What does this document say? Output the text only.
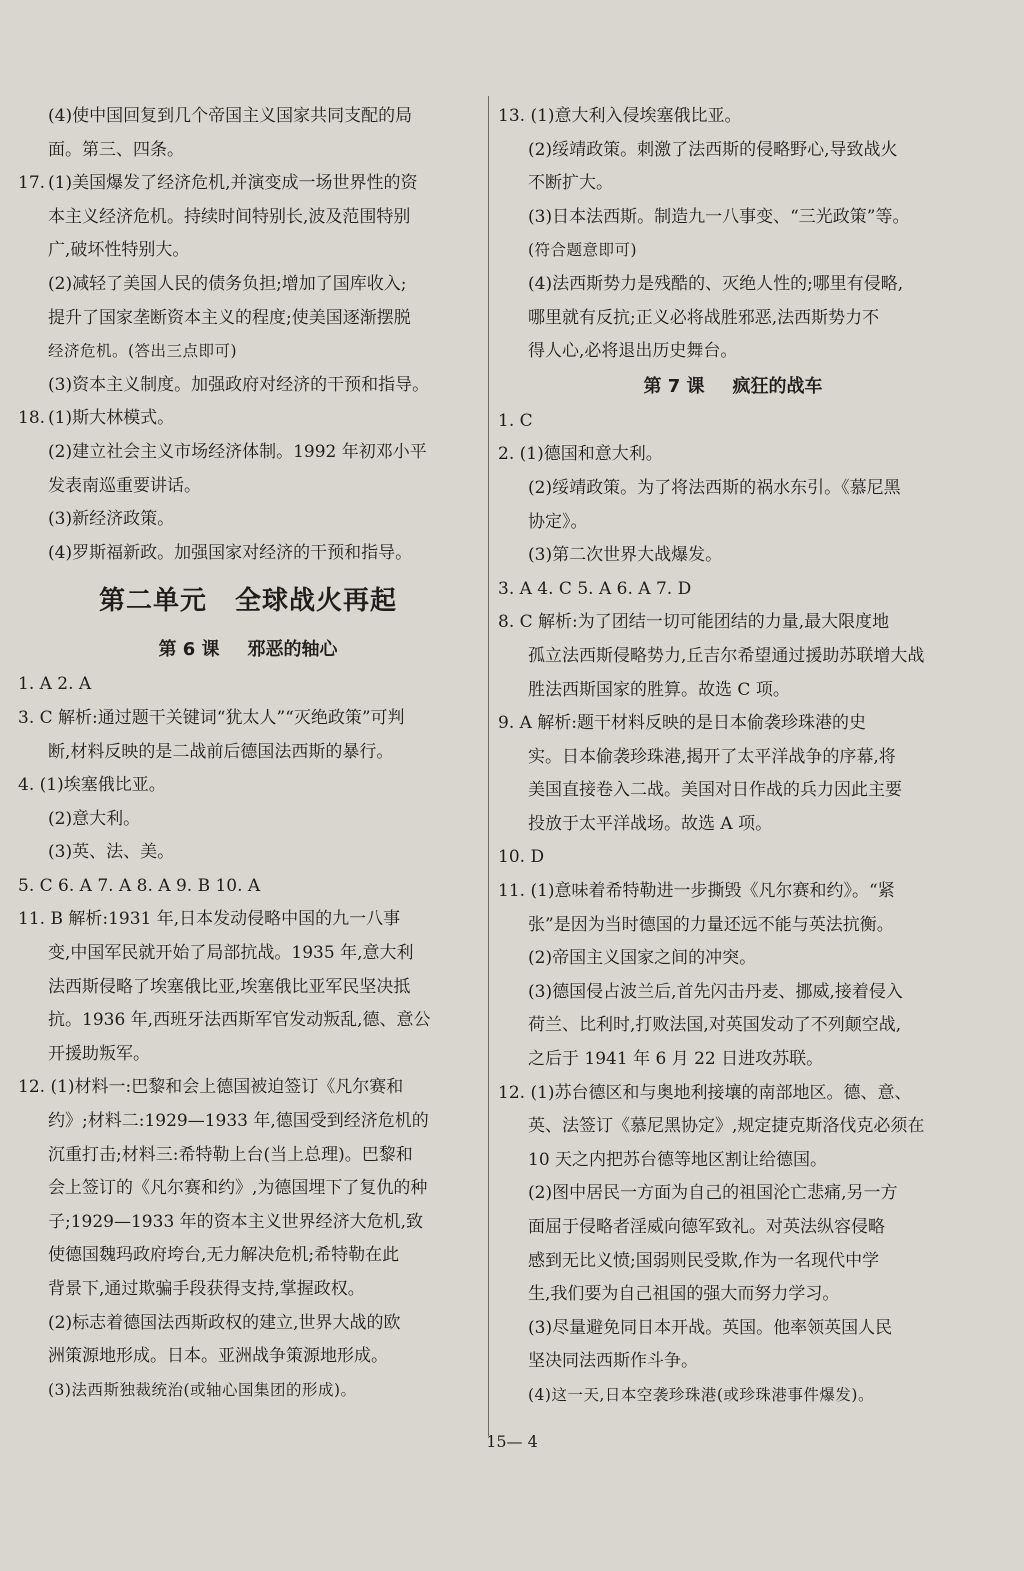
(4)使中国回复到几个帝国主义国家共同支配的局
面。第三、四条。
17. (1)美国爆发了经济危机,并演变成一场世界性的资
本主义经济危机。持续时间特别长,波及范围特别
广,破坏性特别大。
(2)减轻了美国人民的债务负担;增加了国库收入;
提升了国家垄断资本主义的程度;使美国逐渐摆脱
经济危机。(答出三点即可)
(3)资本主义制度。加强政府对经济的干预和指导。
18. (1)斯大林模式。
(2)建立社会主义市场经济体制。1992 年初邓小平
发表南巡重要讲话。
(3)新经济政策。
(4)罗斯福新政。加强国家对经济的干预和指导。
第二单元 全球战火再起
第 6 课 邪恶的轴心
1. A 2. A
3. C 解析:通过题干关键词“犹太人”“灭绝政策”可判
断,材料反映的是二战前后德国法西斯的暴行。
4. (1)埃塞俄比亚。
(2)意大利。
(3)英、法、美。
5. C 6. A 7. A 8. A 9. B 10. A
11. B 解析:1931 年,日本发动侵略中国的九一八事
变,中国军民就开始了局部抗战。1935 年,意大利
法西斯侵略了埃塞俄比亚,埃塞俄比亚军民坚决抵
抗。1936 年,西班牙法西斯军官发动叛乱,德、意公
开援助叛军。
12. (1)材料一:巴黎和会上德国被迫签订《凡尔赛和
约》;材料二:1929—1933 年,德国受到经济危机的
沉重打击;材料三:希特勒上台(当上总理)。巴黎和
会上签订的《凡尔赛和约》,为德国埋下了复仇的种
子;1929—1933 年的资本主义世界经济大危机,致
使德国魏玛政府垮台,无力解决危机;希特勒在此
背景下,通过欺骗手段获得支持,掌握政权。
(2)标志着德国法西斯政权的建立,世界大战的欧
洲策源地形成。日本。亚洲战争策源地形成。
(3)法西斯独裁统治(或轴心国集团的形成)。
13. (1)意大利入侵埃塞俄比亚。
(2)绥靖政策。刺激了法西斯的侵略野心,导致战火
不断扩大。
(3)日本法西斯。制造九一八事变、“三光政策”等。
(符合题意即可)
(4)法西斯势力是残酷的、灭绝人性的;哪里有侵略,
哪里就有反抗;正义必将战胜邪恶,法西斯势力不
得人心,必将退出历史舞台。
第 7 课 疯狂的战车
1. C
2. (1)德国和意大利。
(2)绥靖政策。为了将法西斯的祸水东引。《慕尼黑
协定》。
(3)第二次世界大战爆发。
3. A 4. C 5. A 6. A 7. D
8. C 解析:为了团结一切可能团结的力量,最大限度地
孤立法西斯侵略势力,丘吉尔希望通过援助苏联增大战
胜法西斯国家的胜算。故选 C 项。
9. A 解析:题干材料反映的是日本偷袭珍珠港的史
实。日本偷袭珍珠港,揭开了太平洋战争的序幕,将
美国直接卷入二战。美国对日作战的兵力因此主要
投放于太平洋战场。故选 A 项。
10. D
11. (1)意味着希特勒进一步撕毁《凡尔赛和约》。“紧
张”是因为当时德国的力量还远不能与英法抗衡。
(2)帝国主义国家之间的冲突。
(3)德国侵占波兰后,首先闪击丹麦、挪威,接着侵入
荷兰、比利时,打败法国,对英国发动了不列颠空战,
之后于 1941 年 6 月 22 日进攻苏联。
12. (1)苏台德区和与奥地利接壤的南部地区。德、意、
英、法签订《慕尼黑协定》,规定捷克斯洛伐克必须在
10 天之内把苏台德等地区割让给德国。
(2)图中居民一方面为自己的祖国沦亡悲痛,另一方
面屈于侵略者淫威向德军致礼。对英法纵容侵略
感到无比义愤;国弱则民受欺,作为一名现代中学
生,我们要为自己祖国的强大而努力学习。
(3)尽量避免同日本开战。英国。他率领英国人民
坚决同法西斯作斗争。
(4)这一天,日本空袭珍珠港(或珍珠港事件爆发)。
15— 4
